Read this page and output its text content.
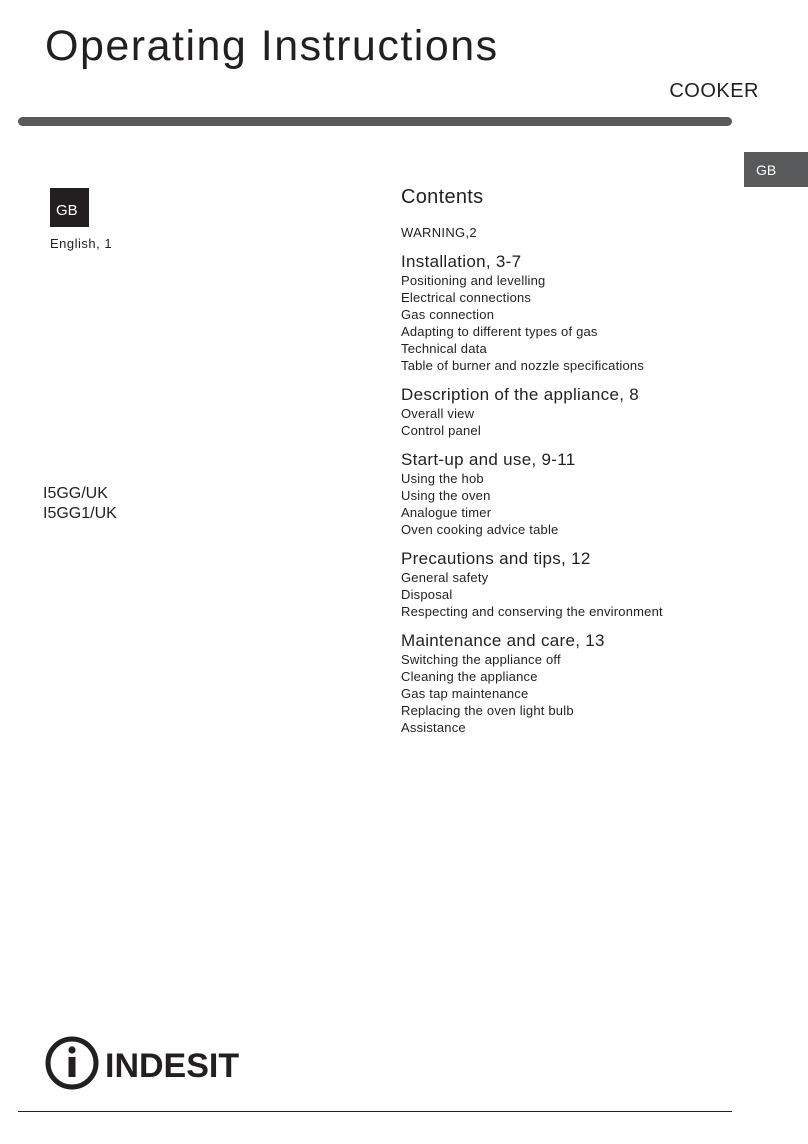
Operating Instructions
COOKER
GB
GB
English, 1
I5GG/UK
I5GG1/UK
Contents
WARNING,2
Installation, 3-7
Positioning and levelling
Electrical connections
Gas connection
Adapting to different types of gas
Technical data
Table of burner and nozzle specifications
Description of the appliance, 8
Overall view
Control panel
Start-up and use, 9-11
Using the hob
Using the oven
Analogue timer
Oven cooking advice table
Precautions and tips, 12
General safety
Disposal
Respecting and conserving the environment
Maintenance and care, 13
Switching the appliance off
Cleaning the appliance
Gas tap maintenance
Replacing the oven light bulb
Assistance
INDESIT
